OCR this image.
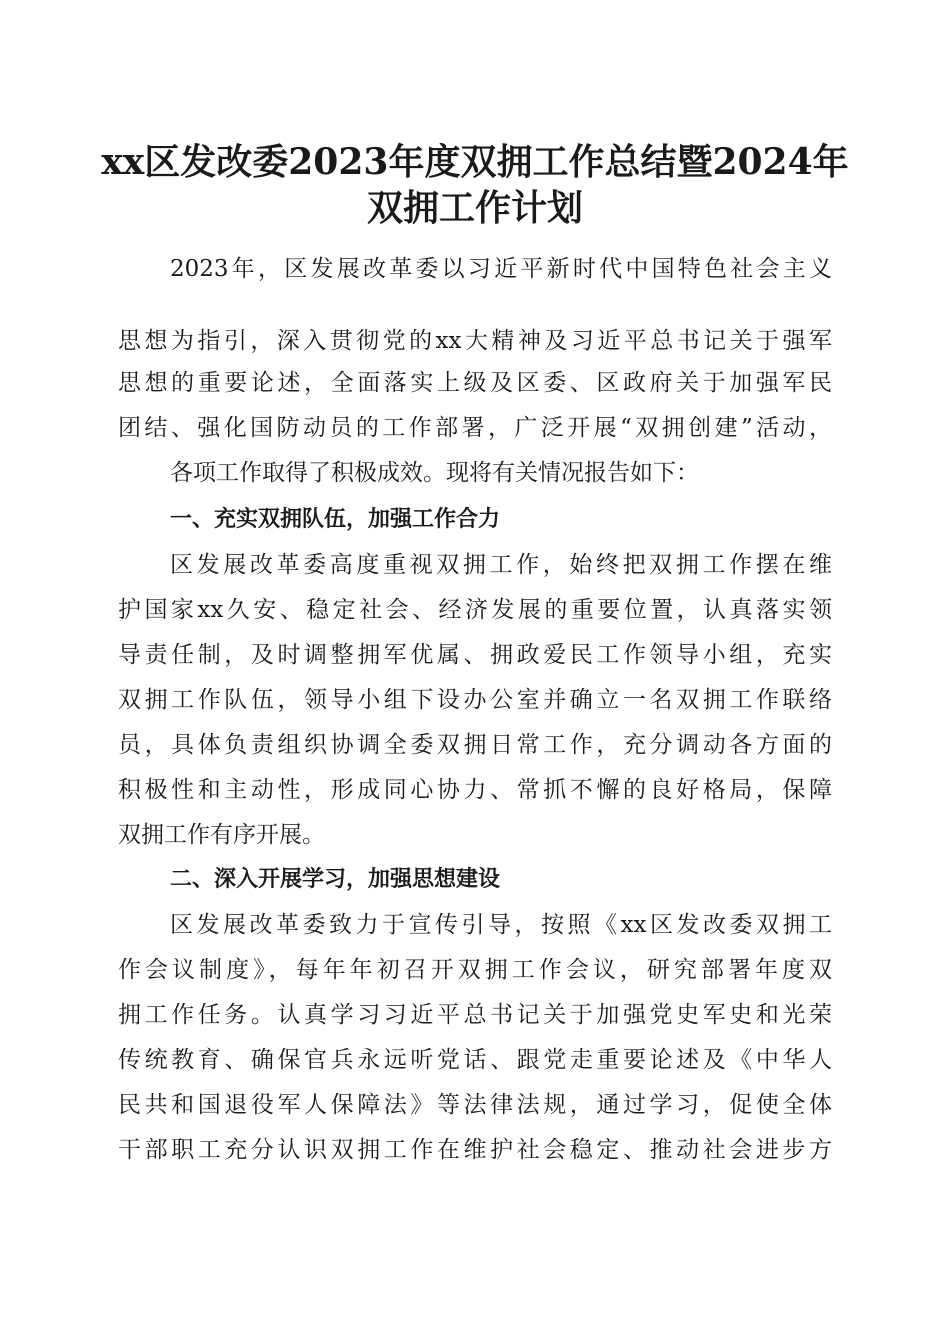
xx区发改委2023年度双拥工作总结暨2024年
双拥工作计划
2023年，区发展改革委以习近平新时代中国特色社会主义
思想为指引，深入贯彻党的xx大精神及习近平总书记关于强军
思想的重要论述，全面落实上级及区委、区政府关于加强军民
团结、强化国防动员的工作部署，广泛开展“双拥创建”活动，
各项工作取得了积极成效。现将有关情况报告如下：
一、充实双拥队伍，加强工作合力
区发展改革委高度重视双拥工作，始终把双拥工作摆在维
护国家xx久安、稳定社会、经济发展的重要位置，认真落实领
导责任制，及时调整拥军优属、拥政爱民工作领导小组，充实
双拥工作队伍，领导小组下设办公室并确立一名双拥工作联络
员，具体负责组织协调全委双拥日常工作，充分调动各方面的
积极性和主动性，形成同心协力、常抓不懈的良好格局，保障
双拥工作有序开展。
二、深入开展学习，加强思想建设
区发展改革委致力于宣传引导，按照《xx区发改委双拥工
作会议制度》，每年年初召开双拥工作会议，研究部署年度双
拥工作任务。认真学习习近平总书记关于加强党史军史和光荣
传统教育、确保官兵永远听党话、跟党走重要论述及《中华人
民共和国退役军人保障法》等法律法规，通过学习，促使全体
干部职工充分认识双拥工作在维护社会稳定、推动社会进步方
